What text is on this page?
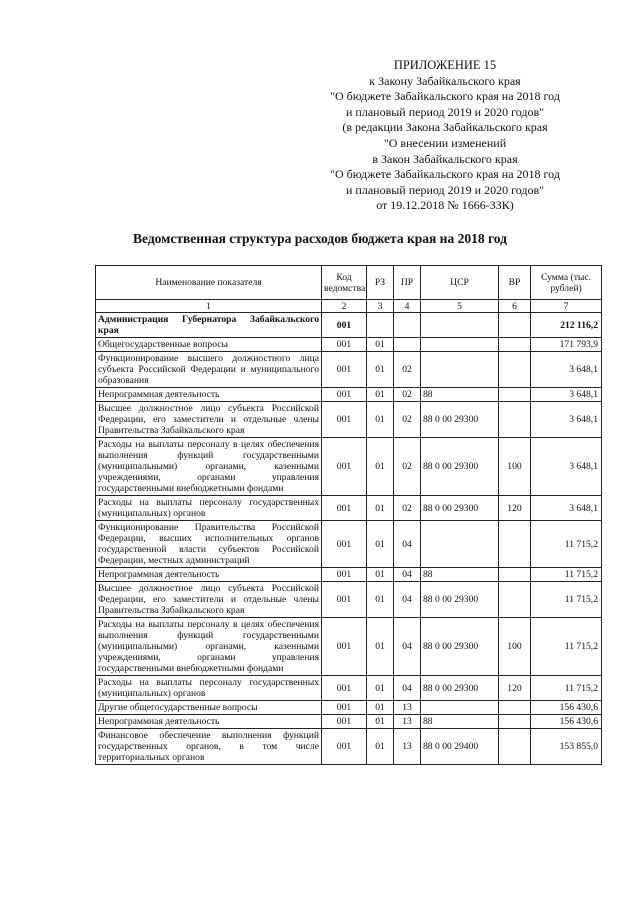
ПРИЛОЖЕНИЕ 15
к Закону Забайкальского края
"О бюджете Забайкальского края на 2018 год
и плановый период 2019 и 2020 годов"
(в редакции Закона Забайкальского края
"О внесении изменений
в Закон Забайкальского края
"О бюджете Забайкальского края на 2018 год
и плановый период 2019 и 2020 годов"
от 19.12.2018 № 1666-ЗЗК)
Ведомственная структура расходов бюджета края на 2018 год
Наименование показателя	Код ведомства	РЗ	ПР	ЦСР	ВР	Сумма (тыс. рублей)
1	2	3	4	5	6	7
Администрация Губернатора Забайкальского края	001					212 116,2
Общегосударственные вопросы	001	01				171 793,9
Функционирование высшего должностного лица субъекта Российской Федерации и муниципального образования	001	01	02			3 648,1
Непрограммная деятельность	001	01	02	88		3 648,1
Высшее должностное лицо субъекта Российской Федерации, его заместители и отдельные члены Правительства Забайкальского края	001	01	02	88 0 00 29300		3 648,1
Расходы на выплаты персоналу в целях обеспечения выполнения функций государственными (муниципальными) органами, казенными учреждениями, органами управления государственными внебюджетными фондами	001	01	02	88 0 00 29300	100	3 648,1
Расходы на выплаты персоналу государственных (муниципальных) органов	001	01	02	88 0 00 29300	120	3 648,1
Функционирование Правительства Российской Федерации, высших исполнительных органов государственной власти субъектов Российской Федерации, местных администраций	001	01	04			11 715,2
Непрограммная деятельность	001	01	04	88		11 715,2
Высшее должностное лицо субъекта Российской Федерации, его заместители и отдельные члены Правительства Забайкальского края	001	01	04	88 0 00 29300		11 715,2
Расходы на выплаты персоналу в целях обеспечения выполнения функций государственными (муниципальными) органами, казенными учреждениями, органами управления государственными внебюджетными фондами	001	01	04	88 0 00 29300	100	11 715,2
Расходы на выплаты персоналу государственных (муниципальных) органов	001	01	04	88 0 00 29300	120	11 715,2
Другие общегосударственные вопросы	001	01	13			156 430,6
Непрограммная деятельность	001	01	13	88		156 430,6
Финансовое обеспечение выполнения функций государственных органов, в том числе территориальных органов	001	01	13	88 0 00 29400		153 855,0
